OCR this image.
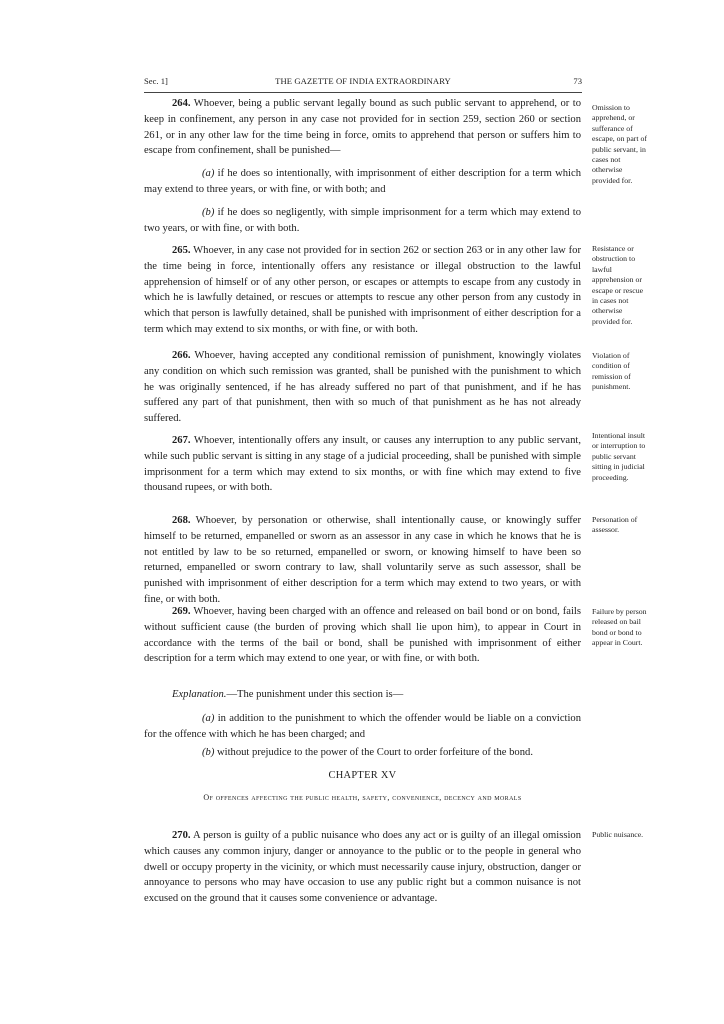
Sec. 1]	THE GAZETTE OF INDIA EXTRAORDINARY	73

264. Whoever, being a public servant legally bound as such public servant to apprehend, or to keep in confinement, any person in any case not provided for in section 259, section 260 or section 261, or in any other law for the time being in force, omits to apprehend that person or suffers him to escape from confinement, shall be punished—

Omission to apprehend, or sufferance of escape, on part of public servant, in cases not otherwise provided for.

(a) if he does so intentionally, with imprisonment of either description for a term which may extend to three years, or with fine, or with both; and

(b) if he does so negligently, with simple imprisonment for a term which may extend to two years, or with fine, or with both.

265. Whoever, in any case not provided for in section 262 or section 263 or in any other law for the time being in force, intentionally offers any resistance or illegal obstruction to the lawful apprehension of himself or of any other person, or escapes or attempts to escape from any custody in which he is lawfully detained, or rescues or attempts to rescue any other person from any custody in which that person is lawfully detained, shall be punished with imprisonment of either description for a term which may extend to six months, or with fine, or with both.

Resistance or obstruction to lawful apprehension or escape or rescue in cases not otherwise provided for.

266. Whoever, having accepted any conditional remission of punishment, knowingly violates any condition on which such remission was granted, shall be punished with the punishment to which he was originally sentenced, if he has already suffered no part of that punishment, and if he has suffered any part of that punishment, then with so much of that punishment as he has not already suffered.

Violation of condition of remission of punishment.

267. Whoever, intentionally offers any insult, or causes any interruption to any public servant, while such public servant is sitting in any stage of a judicial proceeding, shall be punished with simple imprisonment for a term which may extend to six months, or with fine which may extend to five thousand rupees, or with both.

Intentional insult or interruption to public servant sitting in judicial proceeding.

268. Whoever, by personation or otherwise, shall intentionally cause, or knowingly suffer himself to be returned, empanelled or sworn as an assessor in any case in which he knows that he is not entitled by law to be so returned, empanelled or sworn, or knowing himself to have been so returned, empanelled or sworn contrary to law, shall voluntarily serve as such assessor, shall be punished with imprisonment of either description for a term which may extend to two years, or with fine, or with both.

Personation of assessor.

269. Whoever, having been charged with an offence and released on bail bond or on bond, fails without sufficient cause (the burden of proving which shall lie upon him), to appear in Court in accordance with the terms of the bail or bond, shall be punished with imprisonment of either description for a term which may extend to one year, or with fine, or with both.

Failure by person released on bail bond or bond to appear in Court.

Explanation.—The punishment under this section is—

(a) in addition to the punishment to which the offender would be liable on a conviction for the offence with which he has been charged; and

(b) without prejudice to the power of the Court to order forfeiture of the bond.

CHAPTER XV
Of offences affecting the public health, safety, convenience, decency and morals

270. A person is guilty of a public nuisance who does any act or is guilty of an illegal omission which causes any common injury, danger or annoyance to the public or to the people in general who dwell or occupy property in the vicinity, or which must necessarily cause injury, obstruction, danger or annoyance to persons who may have occasion to use any public right but a common nuisance is not excused on the ground that it causes some convenience or advantage.

Public nuisance.
